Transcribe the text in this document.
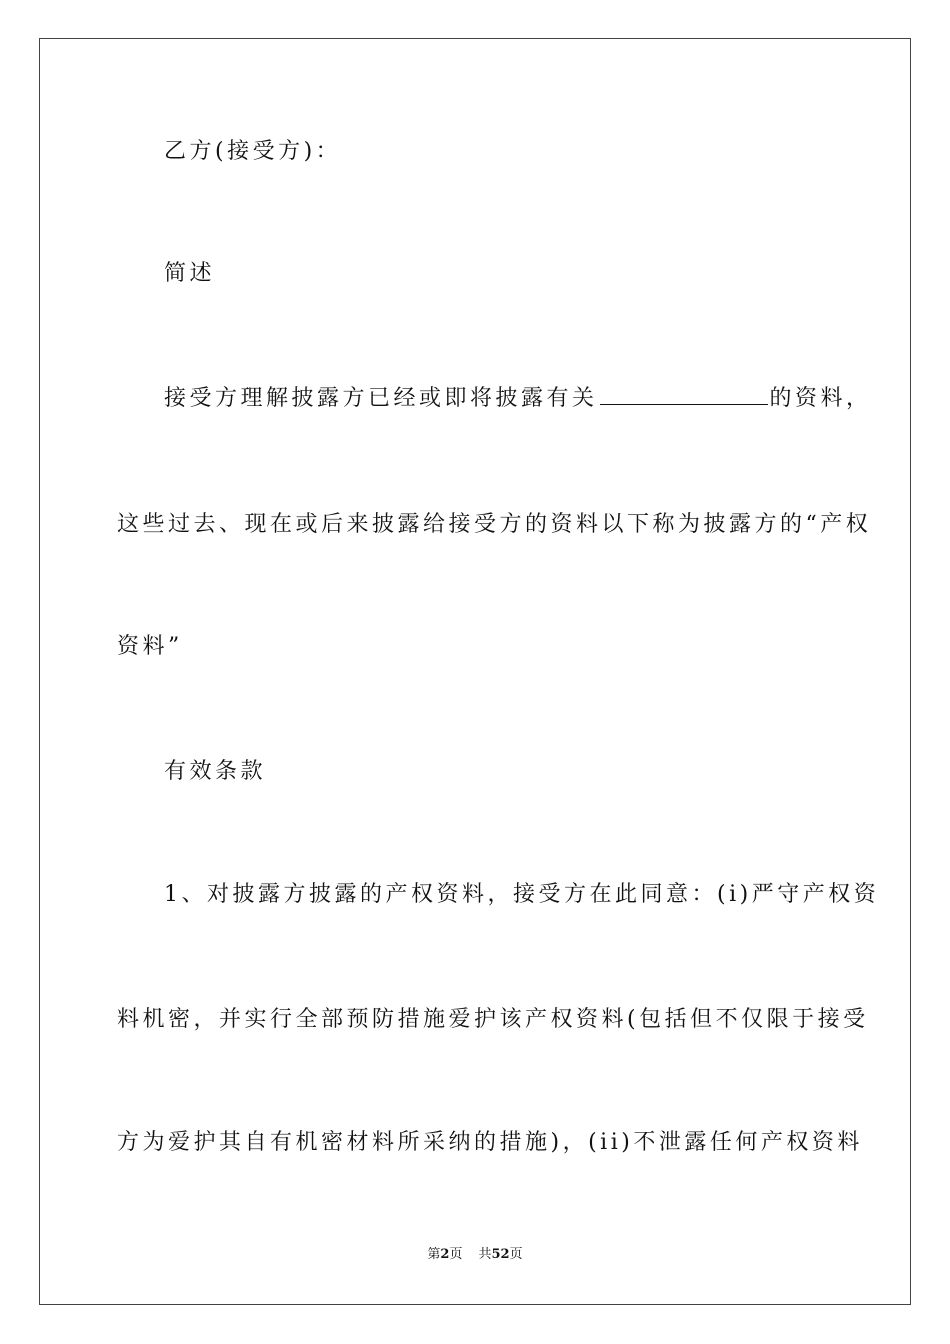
乙方(接受方)：
简述
接受方理解披露方已经或即将披露有关	的资料，
这些过去、现在或后来披露给接受方的资料以下称为披露方的“产权
资料”
有效条款
1、对披露方披露的产权资料，接受方在此同意：(i)严守产权资
料机密，并实行全部预防措施爱护该产权资料(包括但不仅限于接受
方为爱护其自有机密材料所采纳的措施)，(ii)不泄露任何产权资料
第2页 共52页
